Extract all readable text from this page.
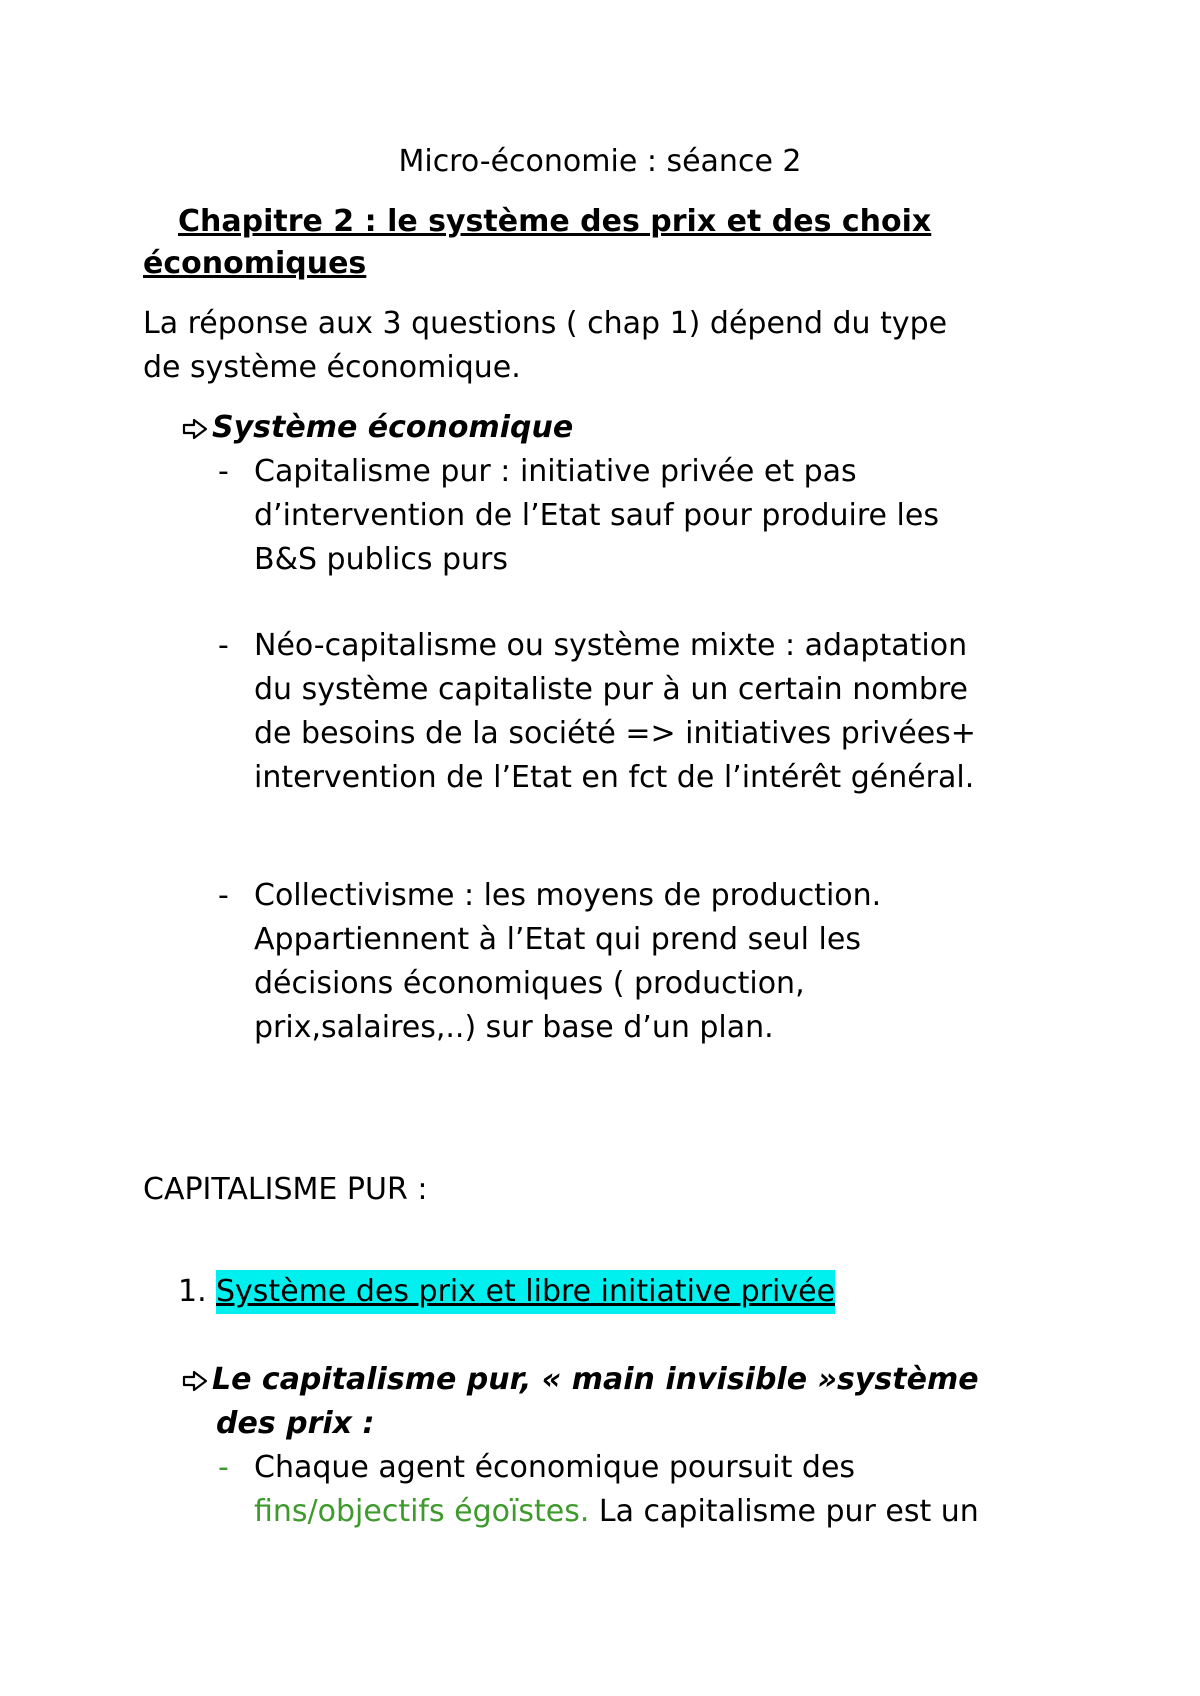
Micro-économie : séance 2
Chapitre 2 : le système des prix et des choix
économiques
La réponse aux 3 questions ( chap 1) dépend du type
de système économique.
Système économique
- Capitalisme pur : initiative privée et pas
d’intervention de l’Etat sauf pour produire les
B&S publics purs
- Néo-capitalisme ou système mixte : adaptation
du système capitaliste pur à un certain nombre
de besoins de la société => initiatives privées+
intervention de l’Etat en fct de l’intérêt général.
- Collectivisme : les moyens de production.
Appartiennent à l’Etat qui prend seul les
décisions économiques ( production,
prix,salaires,..) sur base d’un plan.
CAPITALISME PUR :
1. Système des prix et libre initiative privée
Le capitalisme pur, « main invisible »système
des prix :
- Chaque agent économique poursuit des
fins/objectifs égoïstes. La capitalisme pur est un
